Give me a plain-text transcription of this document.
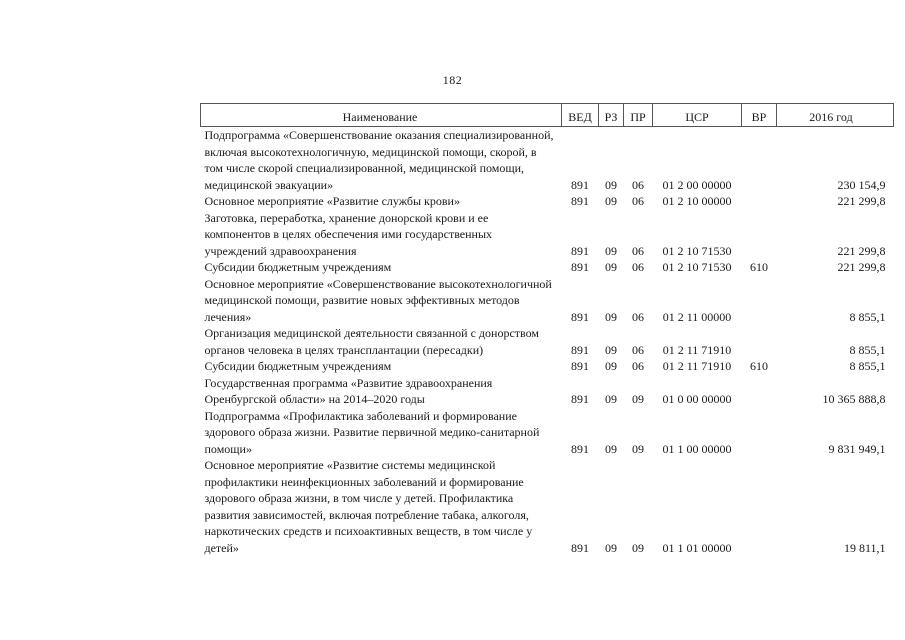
182
Наименование	ВЕД	РЗ	ПР	ЦСР	ВР	2016 год
Подпрограмма «Совершенствование оказания специализированной, включая высокотехнологичную, медицинской помощи, скорой, в том числе скорой специализированной, медицинской помощи, медицинской эвакуации»	891	09	06	01 2 00 00000		230 154,9
Основное мероприятие «Развитие службы крови»	891	09	06	01 2 10 00000		221 299,8
Заготовка, переработка, хранение донорской крови и ее компонентов в целях обеспечения ими государственных учреждений здравоохранения	891	09	06	01 2 10 71530		221 299,8
Субсидии бюджетным учреждениям	891	09	06	01 2 10 71530	610	221 299,8
Основное мероприятие «Совершенствование высокотехнологичной медицинской помощи, развитие новых эффективных методов лечения»	891	09	06	01 2 11 00000		8 855,1
Организация медицинской деятельности связанной с донорством органов человека в целях трансплантации (пересадки)	891	09	06	01 2 11 71910		8 855,1
Субсидии бюджетным учреждениям	891	09	06	01 2 11 71910	610	8 855,1
Государственная программа «Развитие здравоохранения Оренбургской области» на 2014–2020 годы	891	09	09	01 0 00 00000		10 365 888,8
Подпрограмма «Профилактика заболеваний и формирование здорового образа жизни. Развитие первичной медико-санитарной помощи»	891	09	09	01 1 00 00000		9 831 949,1
Основное мероприятие «Развитие системы медицинской профилактики неинфекционных заболеваний и формирование здорового образа жизни, в том числе у детей. Профилактика развития зависимостей, включая потребление табака, алкоголя, наркотических средств и психоактивных веществ, в том числе у детей»	891	09	09	01 1 01 00000		19 811,1
